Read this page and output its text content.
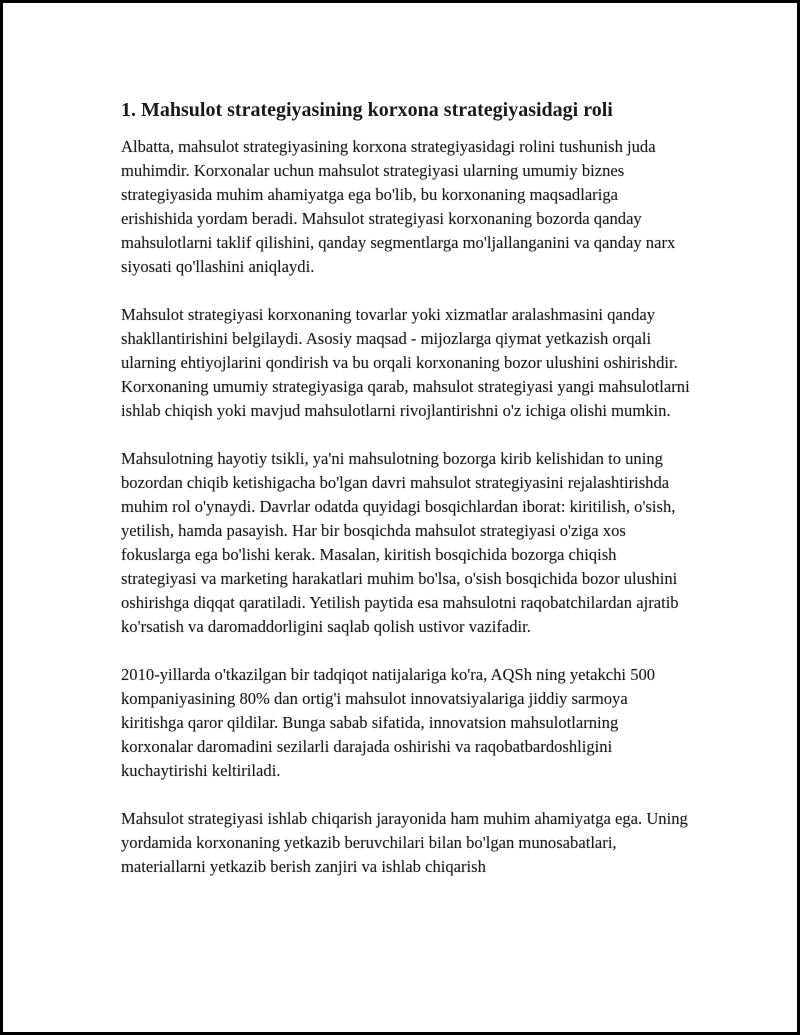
1. Mahsulot strategiyasining korxona strategiyasidagi roli

Albatta, mahsulot strategiyasining korxona strategiyasidagi rolini tushunish juda muhimdir. Korxonalar uchun mahsulot strategiyasi ularning umumiy biznes strategiyasida muhim ahamiyatga ega bo'lib, bu korxonaning maqsadlariga erishishida yordam beradi. Mahsulot strategiyasi korxonaning bozorda qanday mahsulotlarni taklif qilishini, qanday segmentlarga mo'ljallanganini va qanday narx siyosati qo'llashini aniqlaydi.

Mahsulot strategiyasi korxonaning tovarlar yoki xizmatlar aralashmasini qanday shakllantirishini belgilaydi. Asosiy maqsad - mijozlarga qiymat yetkazish orqali ularning ehtiyojlarini qondirish va bu orqali korxonaning bozor ulushini oshirishdir. Korxonaning umumiy strategiyasiga qarab, mahsulot strategiyasi yangi mahsulotlarni ishlab chiqish yoki mavjud mahsulotlarni rivojlantirishni o'z ichiga olishi mumkin.

Mahsulotning hayotiy tsikli, ya'ni mahsulotning bozorga kirib kelishidan to uning bozordan chiqib ketishigacha bo'lgan davri mahsulot strategiyasini rejalashtirishda muhim rol o'ynaydi. Davrlar odatda quyidagi bosqichlardan iborat: kiritilish, o'sish, yetilish, hamda pasayish. Har bir bosqichda mahsulot strategiyasi o'ziga xos fokuslarga ega bo'lishi kerak. Masalan, kiritish bosqichida bozorga chiqish strategiyasi va marketing harakatlari muhim bo'lsa, o'sish bosqichida bozor ulushini oshirishga diqqat qaratiladi. Yetilish paytida esa mahsulotni raqobatchilardan ajratib ko'rsatish va daromaddorligini saqlab qolish ustivor vazifadir.

2010-yillarda o'tkazilgan bir tadqiqot natijalariga ko'ra, AQSh ning yetakchi 500 kompaniyasining 80% dan ortig'i mahsulot innovatsiyalariga jiddiy sarmoya kiritishga qaror qildilar. Bunga sabab sifatida, innovatsion mahsulotlarning korxonalar daromadini sezilarli darajada oshirishi va raqobatbardoshligini kuchaytirishi keltiriladi.

Mahsulot strategiyasi ishlab chiqarish jarayonida ham muhim ahamiyatga ega. Uning yordamida korxonaning yetkazib beruvchilari bilan bo'lgan munosabatlari, materiallarni yetkazib berish zanjiri va ishlab chiqarish
